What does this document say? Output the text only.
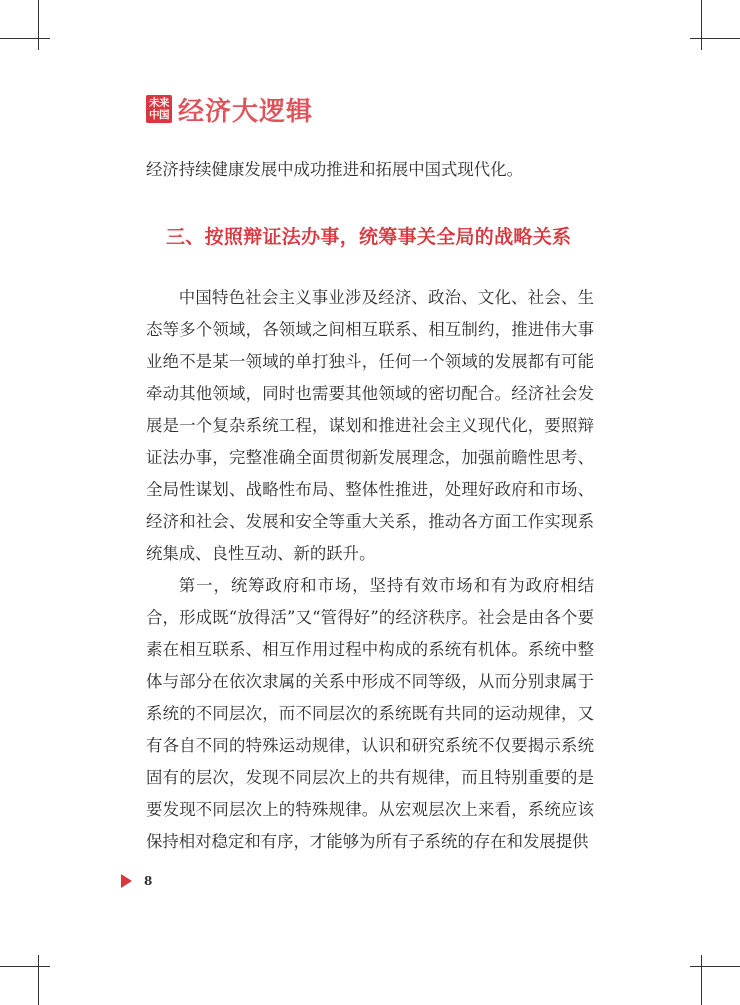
未来
中国 经济大逻辑

经济持续健康发展中成功推进和拓展中国式现代化。

三、按照辩证法办事，统筹事关全局的战略关系

中国特色社会主义事业涉及经济、政治、文化、社会、生态等多个领域，各领域之间相互联系、相互制约，推进伟大事业绝不是某一领域的单打独斗，任何一个领域的发展都有可能牵动其他领域，同时也需要其他领域的密切配合。经济社会发展是一个复杂系统工程，谋划和推进社会主义现代化，要照辩证法办事，完整准确全面贯彻新发展理念，加强前瞻性思考、全局性谋划、战略性布局、整体性推进，处理好政府和市场、经济和社会、发展和安全等重大关系，推动各方面工作实现系统集成、良性互动、新的跃升。

第一，统筹政府和市场，坚持有效市场和有为政府相结合，形成既“放得活”又“管得好”的经济秩序。社会是由各个要素在相互联系、相互作用过程中构成的系统有机体。系统中整体与部分在依次隶属的关系中形成不同等级，从而分别隶属于系统的不同层次，而不同层次的系统既有共同的运动规律，又有各自不同的特殊运动规律，认识和研究系统不仅要揭示系统固有的层次，发现不同层次上的共有规律，而且特别重要的是要发现不同层次上的特殊规律。从宏观层次上来看，系统应该保持相对稳定和有序，才能够为所有子系统的存在和发展提供

8
